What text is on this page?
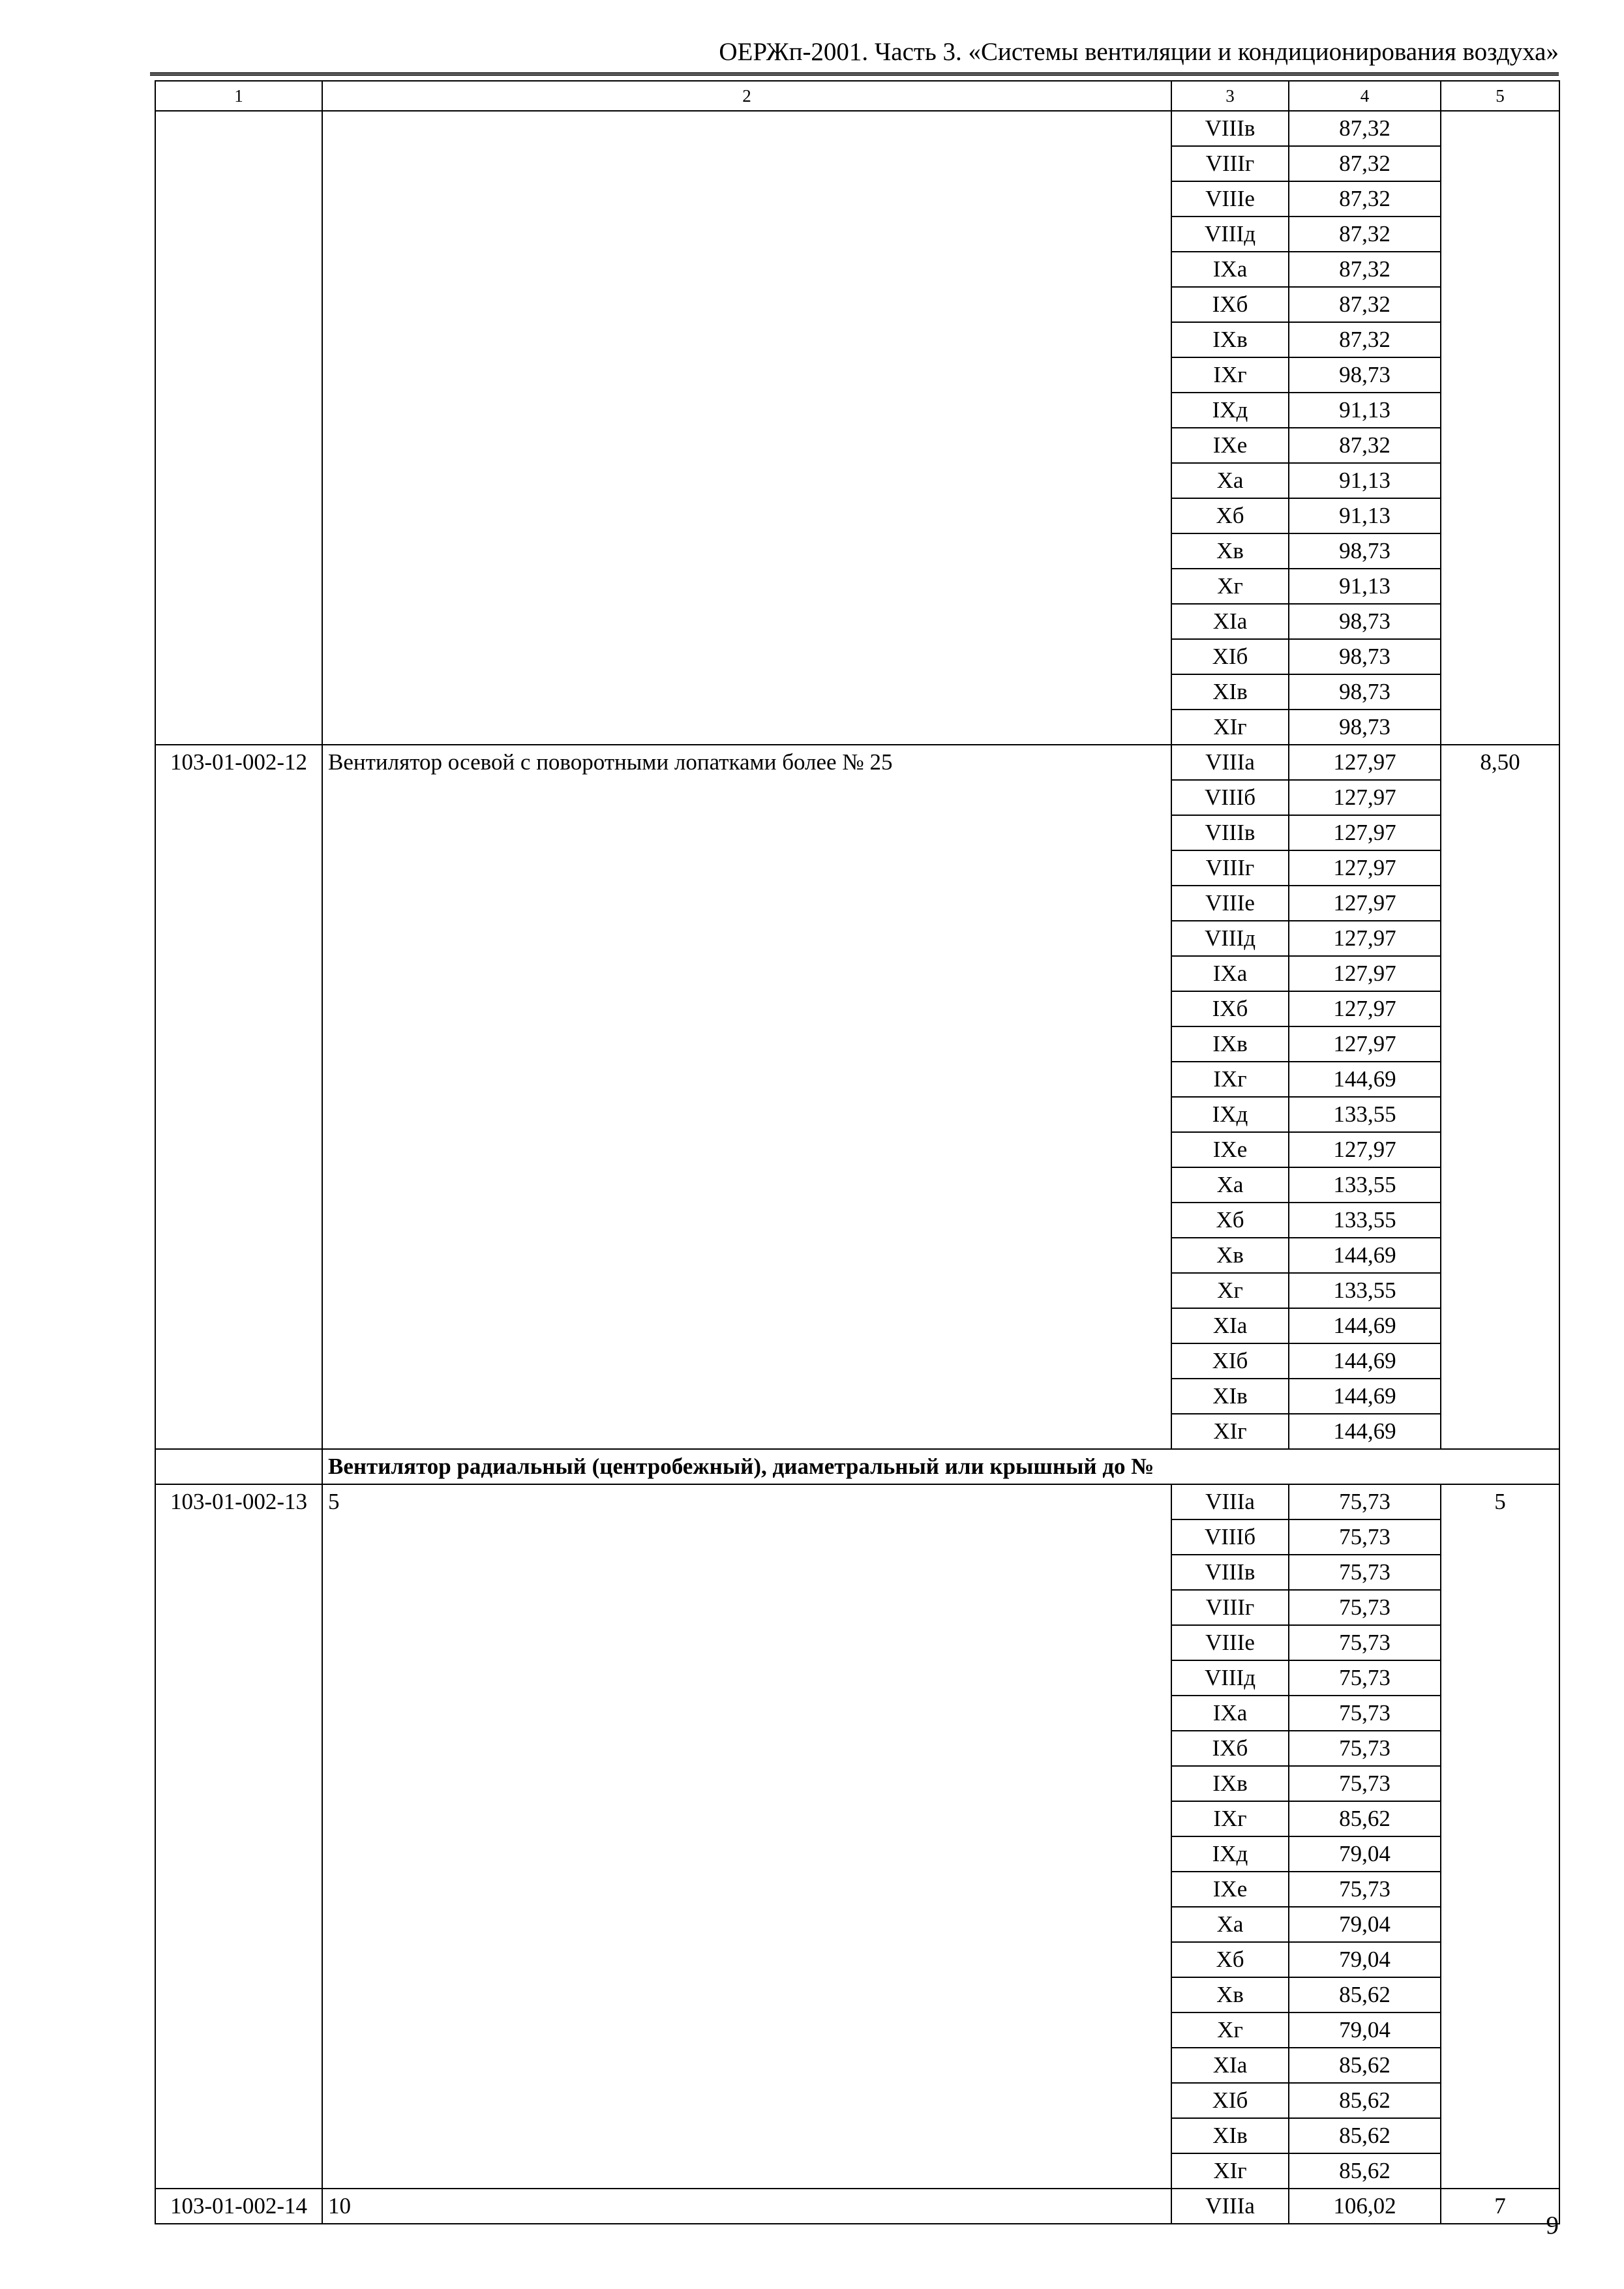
ОЕРЖп-2001. Часть 3. «Системы вентиляции и кондиционирования воздуха»
1	2	3	4	5
		VIIIв	87,32	
		VIIIг	87,32	
		VIIIе	87,32	
		VIIIд	87,32	
		IXа	87,32	
		IXб	87,32	
		IXв	87,32	
		IXг	98,73	
		IXд	91,13	
		IXе	87,32	
		Xа	91,13	
		Xб	91,13	
		Xв	98,73	
		Xг	91,13	
		XIа	98,73	
		XIб	98,73	
		XIв	98,73	
		XIг	98,73	
103-01-002-12	Вентилятор осевой с поворотными лопатками более № 25	VIIIа	127,97	8,50
		VIIIб	127,97	
		VIIIв	127,97	
		VIIIг	127,97	
		VIIIе	127,97	
		VIIIд	127,97	
		IXа	127,97	
		IXб	127,97	
		IXв	127,97	
		IXг	144,69	
		IXд	133,55	
		IXе	127,97	
		Xа	133,55	
		Xб	133,55	
		Xв	144,69	
		Xг	133,55	
		XIа	144,69	
		XIб	144,69	
		XIв	144,69	
		XIг	144,69	
	Вентилятор радиальный (центробежный), диаметральный или крышный до №			
103-01-002-13	5	VIIIа	75,73	5
		VIIIб	75,73	
		VIIIв	75,73	
		VIIIг	75,73	
		VIIIе	75,73	
		VIIIд	75,73	
		IXа	75,73	
		IXб	75,73	
		IXв	75,73	
		IXг	85,62	
		IXд	79,04	
		IXе	75,73	
		Xа	79,04	
		Xб	79,04	
		Xв	85,62	
		Xг	79,04	
		XIа	85,62	
		XIб	85,62	
		XIв	85,62	
		XIг	85,62	
103-01-002-14	10	VIIIа	106,02	7
9
